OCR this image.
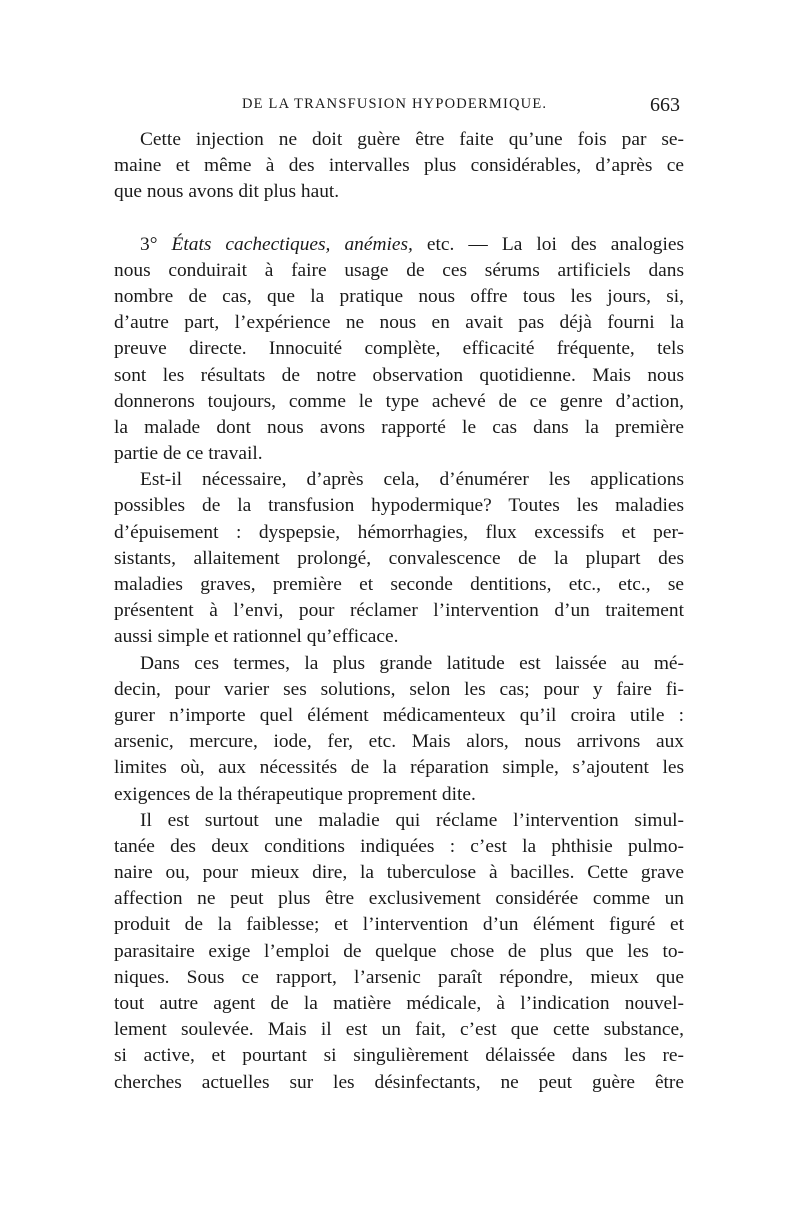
DE LA TRANSFUSION HYPODERMIQUE.	663
Cette injection ne doit guère être faite qu’une fois par se-
maine et même à des intervalles plus considérables, d’après ce
que nous avons dit plus haut.
3° États cachectiques, anémies, etc. — La loi des analogies
nous conduirait à faire usage de ces sérums artificiels dans
nombre de cas, que la pratique nous offre tous les jours, si,
d’autre part, l’expérience ne nous en avait pas déjà fourni la
preuve directe. Innocuité complète, efficacité fréquente, tels
sont les résultats de notre observation quotidienne. Mais nous
donnerons toujours, comme le type achevé de ce genre d’action,
la malade dont nous avons rapporté le cas dans la première
partie de ce travail.
Est-il nécessaire, d’après cela, d’énumérer les applications
possibles de la transfusion hypodermique? Toutes les maladies
d’épuisement : dyspepsie, hémorrhagies, flux excessifs et per-
sistants, allaitement prolongé, convalescence de la plupart des
maladies graves, première et seconde dentitions, etc., etc., se
présentent à l’envi, pour réclamer l’intervention d’un traitement
aussi simple et rationnel qu’efficace.
Dans ces termes, la plus grande latitude est laissée au mé-
decin, pour varier ses solutions, selon les cas; pour y faire fi-
gurer n’importe quel élément médicamenteux qu’il croira utile :
arsenic, mercure, iode, fer, etc. Mais alors, nous arrivons aux
limites où, aux nécessités de la réparation simple, s’ajoutent les
exigences de la thérapeutique proprement dite.
Il est surtout une maladie qui réclame l’intervention simul-
tanée des deux conditions indiquées : c’est la phthisie pulmo-
naire ou, pour mieux dire, la tuberculose à bacilles. Cette grave
affection ne peut plus être exclusivement considérée comme un
produit de la faiblesse; et l’intervention d’un élément figuré et
parasitaire exige l’emploi de quelque chose de plus que les to-
niques. Sous ce rapport, l’arsenic paraît répondre, mieux que
tout autre agent de la matière médicale, à l’indication nouvel-
lement soulevée. Mais il est un fait, c’est que cette substance,
si active, et pourtant si singulièrement délaissée dans les re-
cherches actuelles sur les désinfectants, ne peut guère être
